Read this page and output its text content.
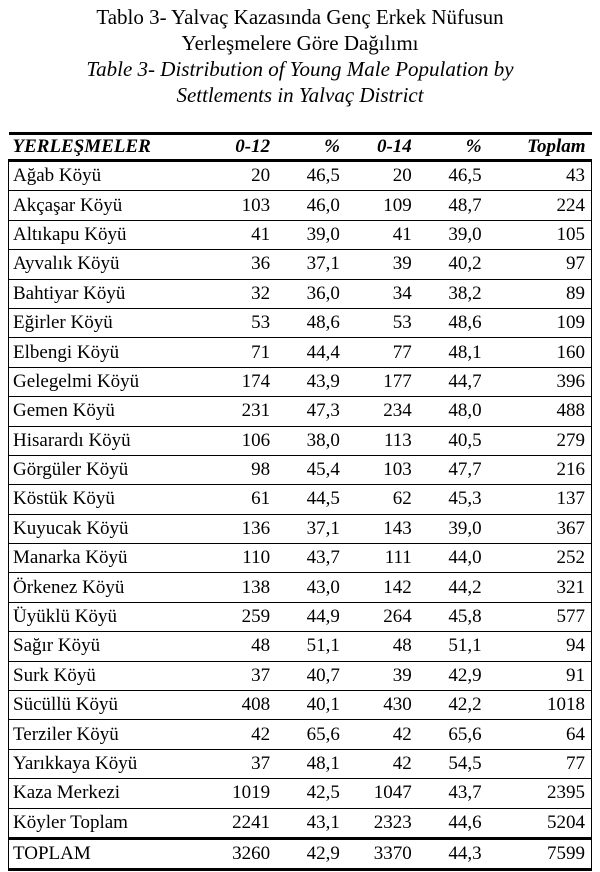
Tablo 3- Yalvaç Kazasında Genç Erkek Nüfusun
Yerleşmelere Göre Dağılımı
Table 3- Distribution of Young Male Population by
Settlements in Yalvaç District
YERLEŞMELER	0-12	%	0-14	%	Toplam
Ağab Köyü	20	46,5	20	46,5	43
Akçaşar Köyü	103	46,0	109	48,7	224
Altıkapu Köyü	41	39,0	41	39,0	105
Ayvalık Köyü	36	37,1	39	40,2	97
Bahtiyar Köyü	32	36,0	34	38,2	89
Eğirler Köyü	53	48,6	53	48,6	109
Elbengi Köyü	71	44,4	77	48,1	160
Gelegelmi Köyü	174	43,9	177	44,7	396
Gemen Köyü	231	47,3	234	48,0	488
Hisarardı Köyü	106	38,0	113	40,5	279
Görgüler Köyü	98	45,4	103	47,7	216
Köstük Köyü	61	44,5	62	45,3	137
Kuyucak Köyü	136	37,1	143	39,0	367
Manarka Köyü	110	43,7	111	44,0	252
Örkenez Köyü	138	43,0	142	44,2	321
Üyüklü Köyü	259	44,9	264	45,8	577
Sağır Köyü	48	51,1	48	51,1	94
Surk Köyü	37	40,7	39	42,9	91
Sücüllü Köyü	408	40,1	430	42,2	1018
Terziler Köyü	42	65,6	42	65,6	64
Yarıkkaya Köyü	37	48,1	42	54,5	77
Kaza Merkezi	1019	42,5	1047	43,7	2395
Köyler Toplam	2241	43,1	2323	44,6	5204
TOPLAM	3260	42,9	3370	44,3	7599
